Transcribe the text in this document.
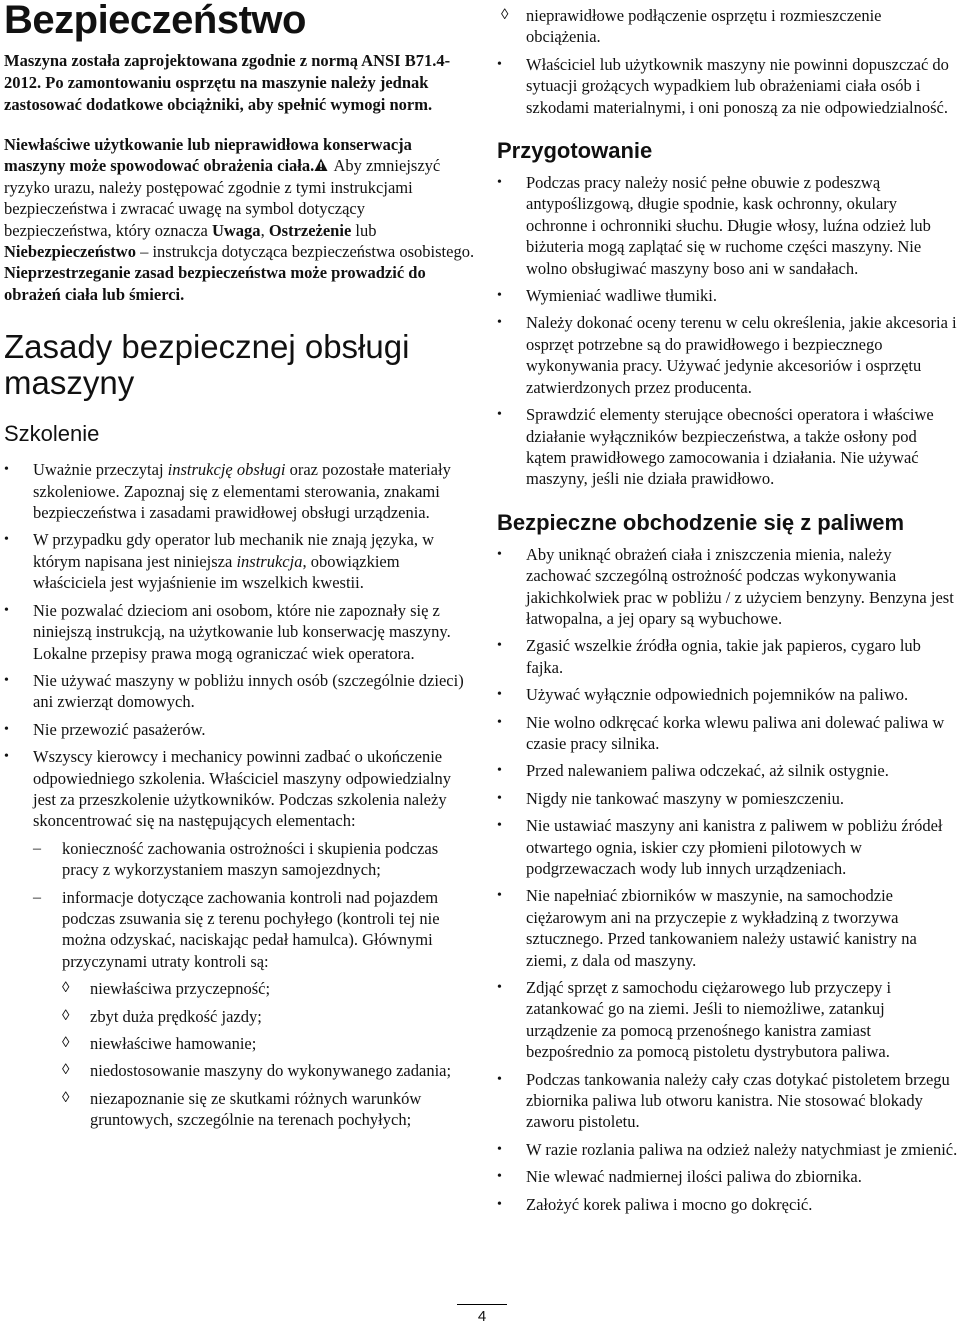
Bezpieczeństwo

Maszyna została zaprojektowana zgodnie z normą ANSI B71.4-2012. Po zamontowaniu osprzętu na maszynie należy jednak zastosować dodatkowe obciążniki, aby spełnić wymogi norm.

Niewłaściwe użytkowanie lub nieprawidłowa konserwacja maszyny może spowodować obrażenia ciała. Aby zmniejszyć ryzyko urazu, należy postępować zgodnie z tymi instrukcjami bezpieczeństwa i zwracać uwagę na symbol dotyczący bezpieczeństwa, który oznacza Uwaga, Ostrzeżenie lub Niebezpieczeństwo – instrukcja dotycząca bezpieczeństwa osobistego. Nieprzestrzeganie zasad bezpieczeństwa może prowadzić do obrażeń ciała lub śmierci.

Zasady bezpiecznej obsługi maszyny
Szkolenie
•	Uważnie przeczytaj instrukcję obsługi oraz pozostałe materiały szkoleniowe. Zapoznaj się z elementami sterowania, znakami bezpieczeństwa i zasadami prawidłowej obsługi urządzenia.
•	W przypadku gdy operator lub mechanik nie znają języka, w którym napisana jest niniejsza instrukcja, obowiązkiem właściciela jest wyjaśnienie im wszelkich kwestii.
•	Nie pozwalać dzieciom ani osobom, które nie zapoznały się z niniejszą instrukcją, na użytkowanie lub konserwację maszyny. Lokalne przepisy prawa mogą ograniczać wiek operatora.
•	Nie używać maszyny w pobliżu innych osób (szczególnie dzieci) ani zwierząt domowych.
•	Nie przewozić pasażerów.
•	Wszyscy kierowcy i mechanicy powinni zadbać o ukończenie odpowiedniego szkolenia. Właściciel maszyny odpowiedzialny jest za przeszkolenie użytkowników. Podczas szkolenia należy skoncentrować się na następujących elementach:
–	konieczność zachowania ostrożności i skupienia podczas pracy z wykorzystaniem maszyn samojezdnych;
–	informacje dotyczące zachowania kontroli nad pojazdem podczas zsuwania się z terenu pochyłego (kontroli tej nie można odzyskać, naciskając pedał hamulca). Głównymi przyczynami utraty kontroli są:
◊	niewłaściwa przyczepność;
◊	zbyt duża prędkość jazdy;
◊	niewłaściwe hamowanie;
◊	niedostosowanie maszyny do wykonywanego zadania;
◊	niezapoznanie się ze skutkami różnych warunków gruntowych, szczególnie na terenach pochyłych;
◊	nieprawidłowe podłączenie osprzętu i rozmieszczenie obciążenia.
•	Właściciel lub użytkownik maszyny nie powinni dopuszczać do sytuacji grożących wypadkiem lub obrażeniami ciała osób i szkodami materialnymi, i oni ponoszą za nie odpowiedzialność.
Przygotowanie
•	Podczas pracy należy nosić pełne obuwie z podeszwą antypoślizgową, długie spodnie, kask ochronny, okulary ochronne i ochronniki słuchu. Długie włosy, luźna odzież lub biżuteria mogą zaplątać się w ruchome części maszyny. Nie wolno obsługiwać maszyny boso ani w sandałach.
•	Wymieniać wadliwe tłumiki.
•	Należy dokonać oceny terenu w celu określenia, jakie akcesoria i osprzęt potrzebne są do prawidłowego i bezpiecznego wykonywania pracy. Używać jedynie akcesoriów i osprzętu zatwierdzonych przez producenta.
•	Sprawdzić elementy sterujące obecności operatora i właściwe działanie wyłączników bezpieczeństwa, a także osłony pod kątem prawidłowego zamocowania i działania. Nie używać maszyny, jeśli nie działa prawidłowo.
Bezpieczne obchodzenie się z paliwem
•	Aby uniknąć obrażeń ciała i zniszczenia mienia, należy zachować szczególną ostrożność podczas wykonywania jakichkolwiek prac w pobliżu / z użyciem benzyny. Benzyna jest łatwopalna, a jej opary są wybuchowe.
•	Zgasić wszelkie źródła ognia, takie jak papieros, cygaro lub fajka.
•	Używać wyłącznie odpowiednich pojemników na paliwo.
•	Nie wolno odkręcać korka wlewu paliwa ani dolewać paliwa w czasie pracy silnika.
•	Przed nalewaniem paliwa odczekać, aż silnik ostygnie.
•	Nigdy nie tankować maszyny w pomieszczeniu.
•	Nie ustawiać maszyny ani kanistra z paliwem w pobliżu źródeł otwartego ognia, iskier czy płomieni pilotowych w podgrzewaczach wody lub innych urządzeniach.
•	Nie napełniać zbiorników w maszynie, na samochodzie ciężarowym ani na przyczepie z wykładziną z tworzywa sztucznego. Przed tankowaniem należy ustawić kanistry na ziemi, z dala od maszyny.
•	Zdjąć sprzęt z samochodu ciężarowego lub przyczepy i zatankować go na ziemi. Jeśli to niemożliwe, zatankuj urządzenie za pomocą przenośnego kanistra zamiast bezpośrednio za pomocą pistoletu dystrybutora paliwa.
•	Podczas tankowania należy cały czas dotykać pistoletem brzegu zbiornika paliwa lub otworu kanistra. Nie stosować blokady zaworu pistoletu.
•	W razie rozlania paliwa na odzież należy natychmiast je zmienić.
•	Nie wlewać nadmiernej ilości paliwa do zbiornika.
•	Założyć korek paliwa i mocno go dokręcić.
4
